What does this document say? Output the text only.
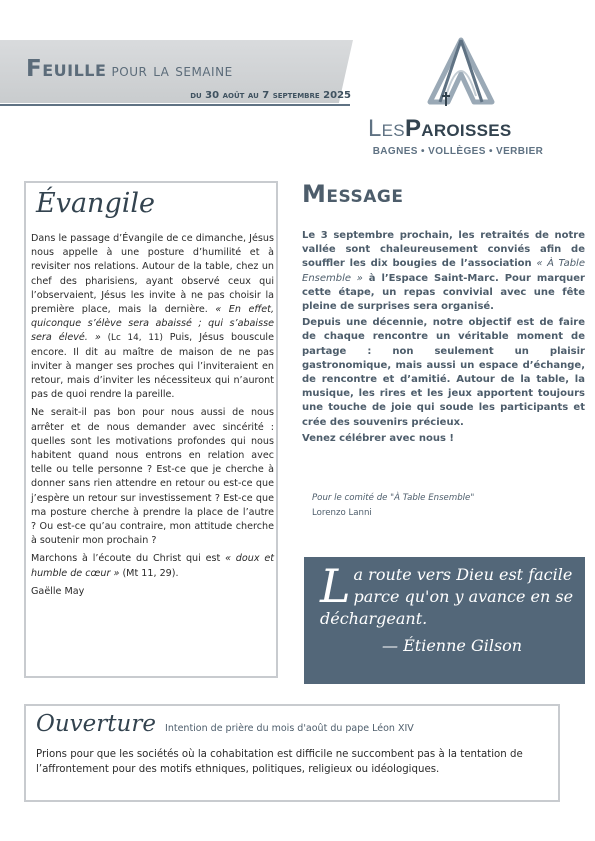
Feuille pour la semaine
du 30 août au 7 septembre 2025
LesParoisses
BAGNES • VOLLÈGES • VERBIER
Évangile

Dans le passage d’Évangile de ce dimanche, Jésus nous appelle à une posture d’humilité et à revisiter nos relations. Autour de la table, chez un chef des pharisiens, ayant observé ceux qui l’observaient, Jésus les invite à ne pas choisir la première place, mais la dernière. « En effet, quiconque s’élève sera abaissé ; qui s’abaisse sera élevé. » (Lc 14, 11) Puis, Jésus bouscule encore. Il dit au maître de maison de ne pas inviter à manger ses proches qui l’inviteraient en retour, mais d’inviter les nécessiteux qui n’auront pas de quoi rendre la pareille.

Ne serait-il pas bon pour nous aussi de nous arrêter et de nous demander avec sincérité : quelles sont les motivations profondes qui nous habitent quand nous entrons en relation avec telle ou telle personne ? Est-ce que je cherche à donner sans rien attendre en retour ou est-ce que j’espère un retour sur investissement ? Est-ce que ma posture cherche à prendre la place de l’autre ? Ou est-ce qu’au contraire, mon attitude cherche à soutenir mon prochain ?

Marchons à l’écoute du Christ qui est « doux et humble de cœur » (Mt 11, 29).

Gaëlle May
Message

Le 3 septembre prochain, les retraités de notre vallée sont chaleureusement conviés afin de souffler les dix bougies de l’association « À Table Ensemble » à l’Espace Saint-Marc. Pour marquer cette étape, un repas convivial avec une fête pleine de surprises sera organisé.

Depuis une décennie, notre objectif est de faire de chaque rencontre un véritable moment de partage : non seulement un plaisir gastronomique, mais aussi un espace d’échange, de rencontre et d’amitié. Autour de la table, la musique, les rires et les jeux apportent toujours une touche de joie qui soude les participants et crée des souvenirs précieux.

Venez célébrer avec nous !

Pour le comité de "À Table Ensemble"
Lorenzo Lanni
La route vers Dieu est facile parce qu'on y avance en se déchargeant.
— Étienne Gilson
Ouverture Intention de prière du mois d'août du pape Léon XIV
Prions pour que les sociétés où la cohabitation est difficile ne succombent pas à la tentation de l’affrontement pour des motifs ethniques, politiques, religieux ou idéologiques.
